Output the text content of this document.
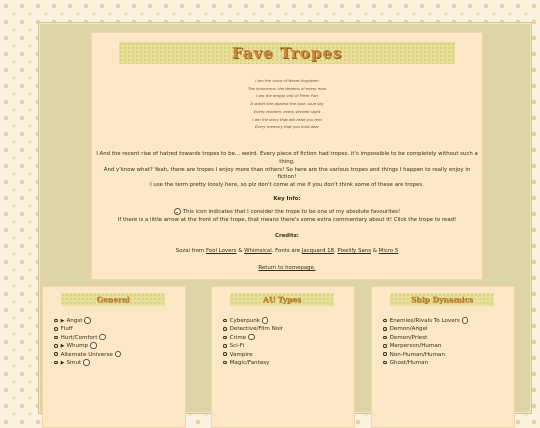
Fave Tropes
I am the voice of Never-forgotten
The innocence, the dreams of every man
I am the empty crib of Peter Pan
A starlit kite against the blue, blue sky
Every children, every secretit sight
I am the story that will read you real
Every memory that you hold dear

I And the recent rise of hatred towards tropes to be... weird. Every piece of fiction had tropes. it's impossible to be completely without such a thing.

And y'know what? Yeah, there are tropes I enjoy more than others! So here are the various tropes and things I happen to really enjoy in fiction!

I use the term pretty loosly here, so plz don't come at me if you don't think some of these are tropes.

Key Info:

This icon indicates that I consider the trope to be one of my absolute favourites!

If there is a little arrow at the front of the trope, that means there's some extra commentary about it! Click the trope to read!

Credits:

Sozai from Fool Lovers & Whimsical. Fonts are Jacquard 18, Pixelify Sans & Micro 5

Return to homepage.

General
▶ Angst
Fluff
Hurt/Comfort
▶ Whump
Alternate Universe
▶ Smut
AU Types
Cyberpunk
Detective/Film Noir
Crime
Sci-Fi
Vampire
Magic/Fantasy
Ship Dynamics
Enemies/Rivals To Lovers
Demon/Angel
Demon/Priest
Merperson/Human
Non-Human/Human
Ghost/Human
